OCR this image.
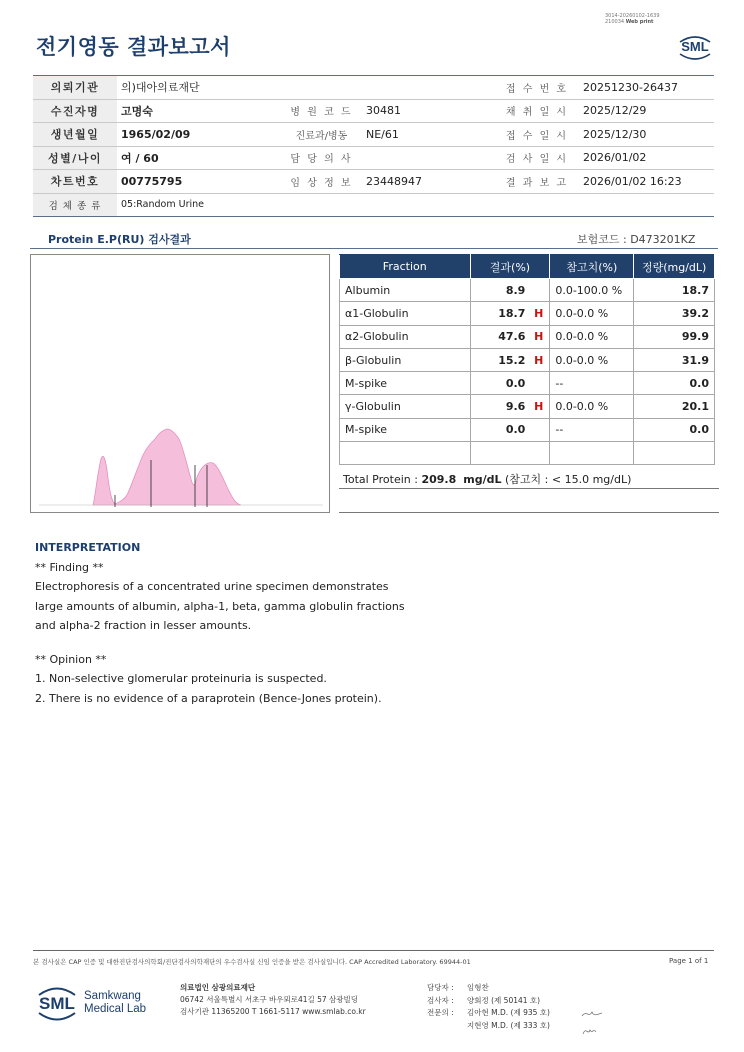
3014-20260102-1639
210034 Web print
전기영동 결과보고서	SML
의뢰기관	의)대아의료재단			접 수 번 호	20251230-26437
수진자명	고명숙	병 원 코 드	30481	채 취 일 시	2025/12/29
생년월일	1965/02/09	진료과/병동	NE/61	접 수 일 시	2025/12/30
성별/나이	여 / 60	담 당 의 사		검 사 일 시	2026/01/02
차트번호	00775795	임 상 정 보	23448947	결 과 보 고	2026/01/02 16:23
검 체 종 류	05:Random Urine				
Protein E.P(RU) 검사결과	보험코드 : D473201KZ
Fraction	결과(%)	참고치(%)	정량(mg/dL)
Albumin	8.9	0.0-100.0 %	18.7
α1-Globulin	18.7 H	0.0-0.0 %	39.2
α2-Globulin	47.6 H	0.0-0.0 %	99.9
β-Globulin	15.2 H	0.0-0.0 %	31.9
M-spike	0.0	--	0.0
γ-Globulin	9.6 H	0.0-0.0 %	20.1
M-spike	0.0	--	0.0

Total Protein : 209.8 mg/dL (참고치 : < 15.0 mg/dL)
INTERPRETATION
** Finding **
Electrophoresis of a concentrated urine specimen demonstrates
large amounts of albumin, alpha-1, beta, gamma globulin fractions
and alpha-2 fraction in lesser amounts.
** Opinion **
1. Non-selective glomerular proteinuria is suspected.
2. There is no evidence of a paraprotein (Bence-Jones protein).
본 검사실은 CAP 인증 및 대한진단검사의학회/진단검사의학재단의 우수검사실 신임 인증을 받은 검사실입니다. CAP Accredited Laboratory. 69944-01	Page 1 of 1
SML Samkwang
Medical Lab
의료법인 삼광의료재단
06742 서울특별시 서초구 바우뫼로41길 57 삼광빌딩
검사기관 11365200 T 1661-5117 www.smlab.co.kr
담당자 :	임형찬
검사자 :	양회정 (제 50141 호)
전문의 :	김아현 M.D. (제 935 호)
지현영 M.D. (제 333 호)
